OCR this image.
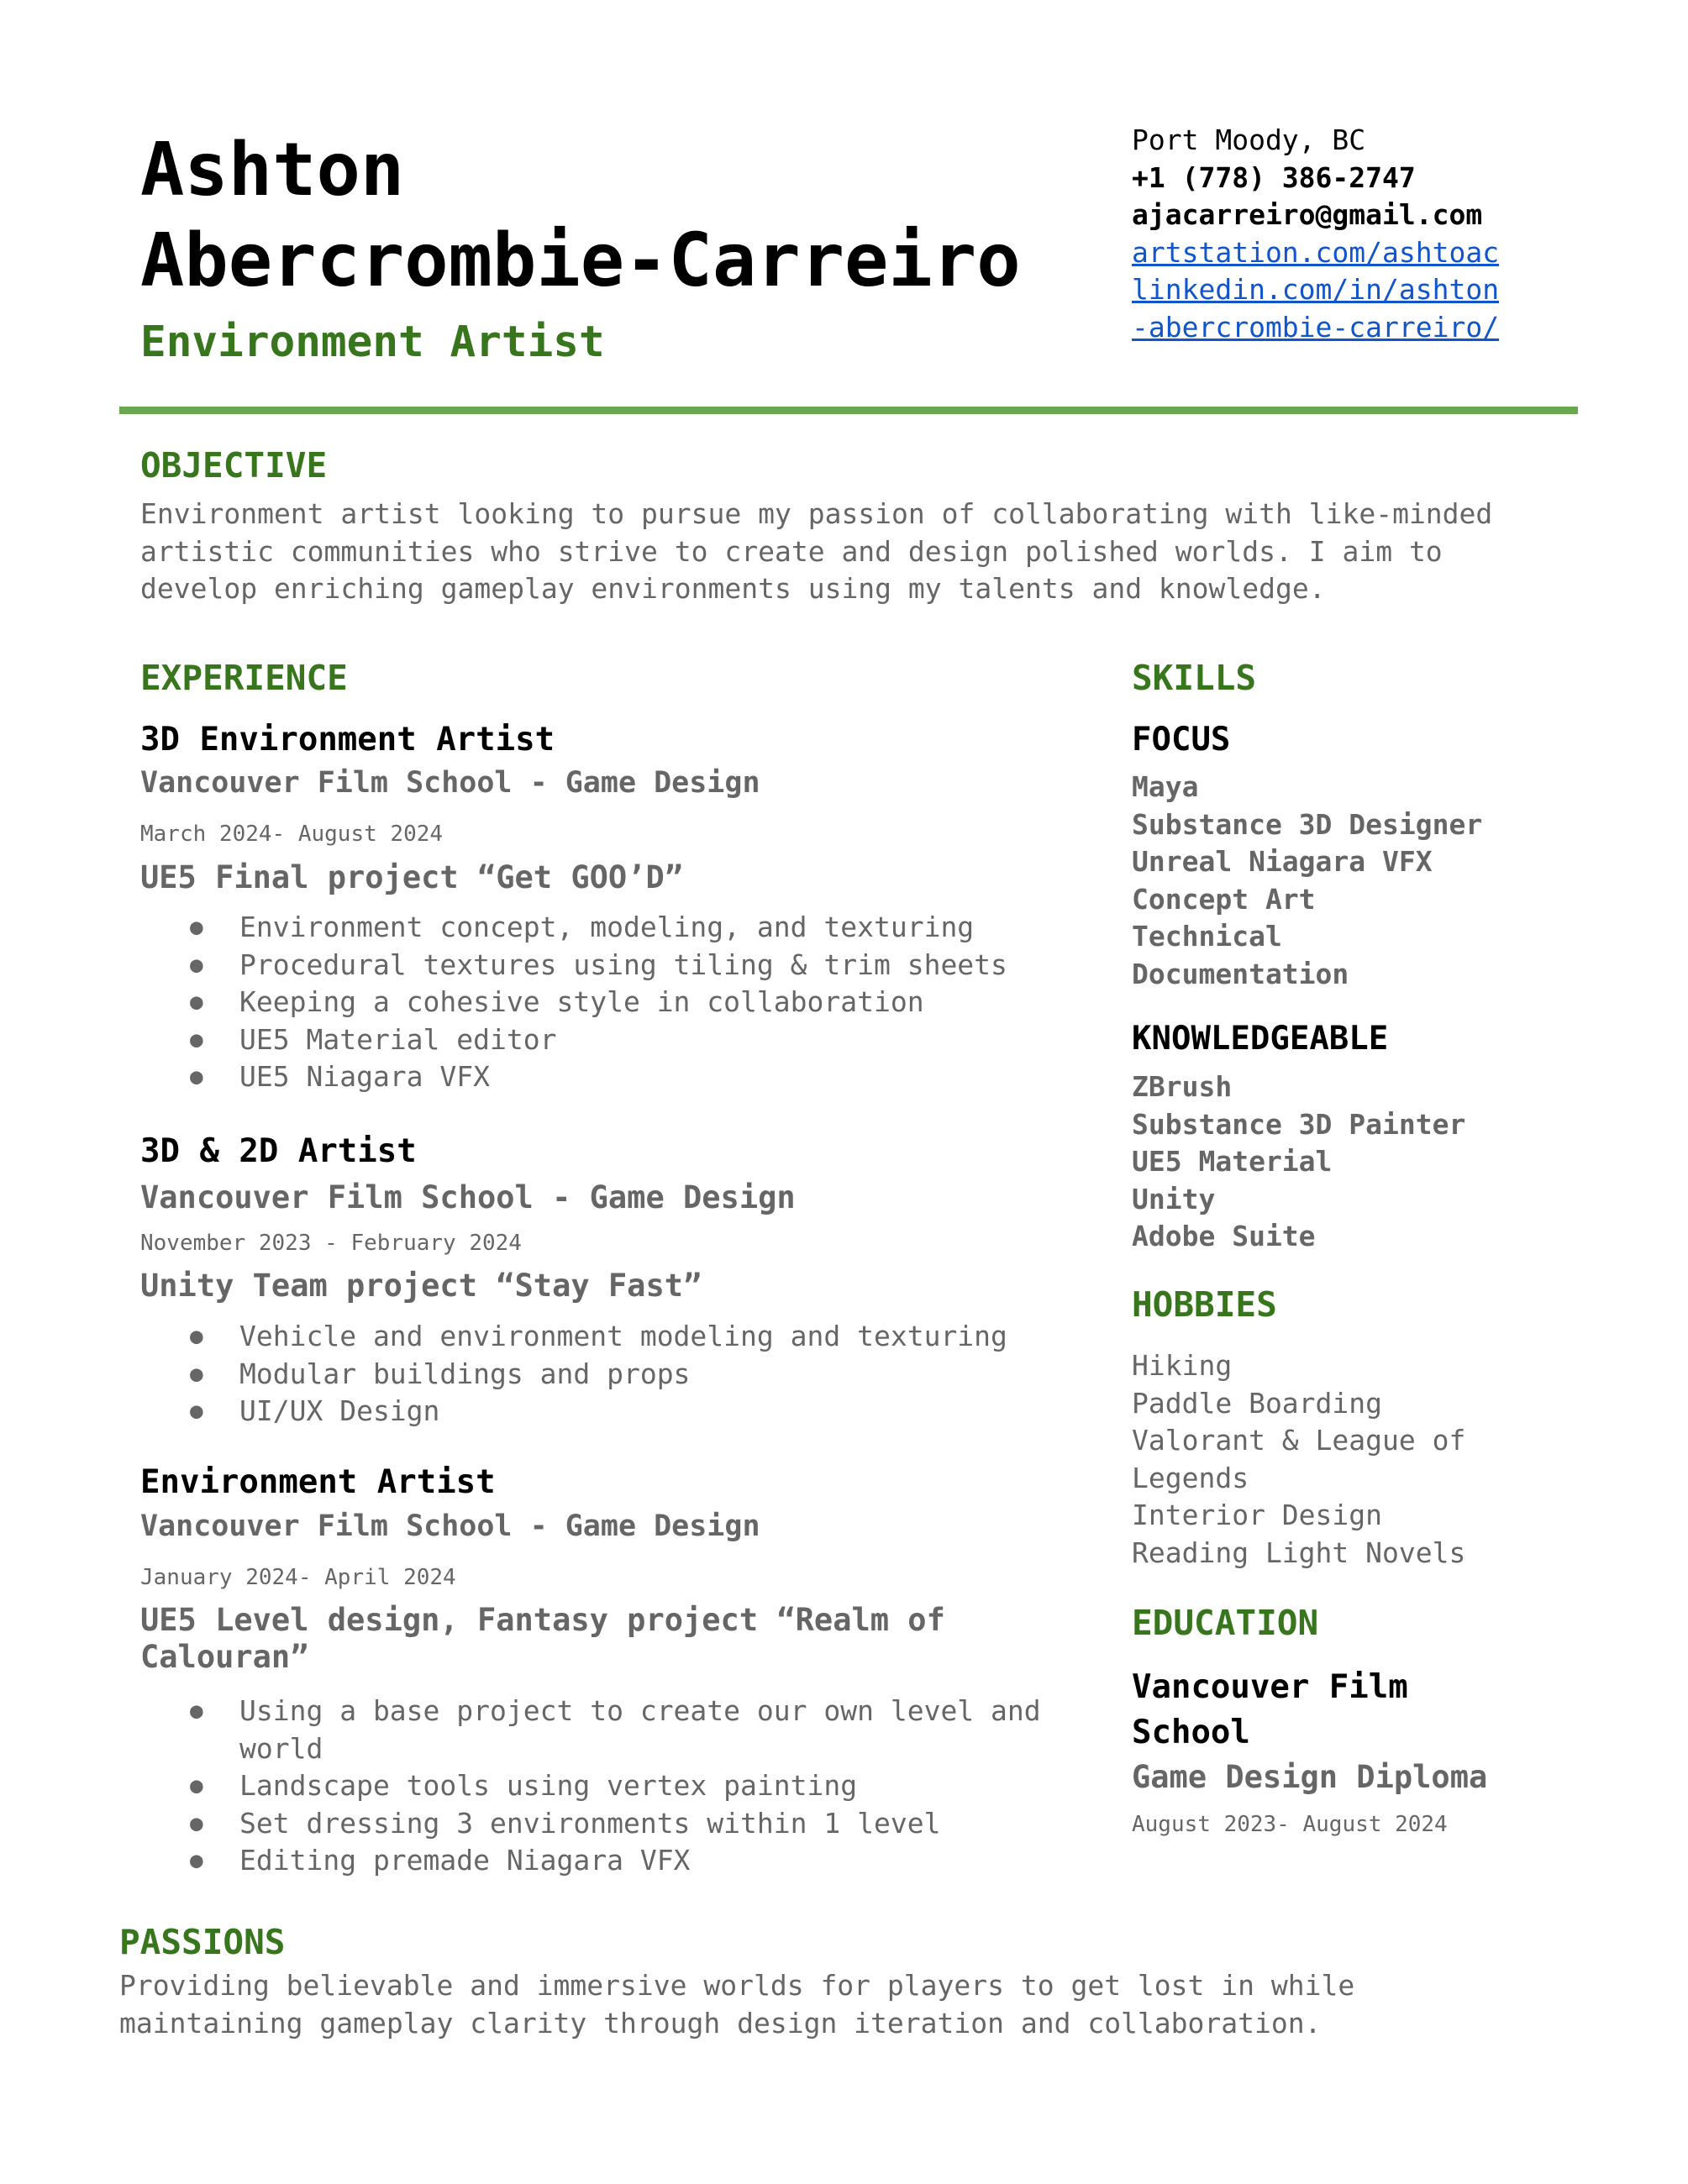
Ashton
Abercrombie-Carreiro
Environment Artist
Port Moody, BC
+1 (778) 386-2747
ajacarreiro@gmail.com
artstation.com/ashtoac
linkedin.com/in/ashton
-abercrombie-carreiro/
OBJECTIVE
Environment artist looking to pursue my passion of collaborating with like-minded
artistic communities who strive to create and design polished worlds. I aim to
develop enriching gameplay environments using my talents and knowledge.
EXPERIENCE
3D Environment Artist
Vancouver Film School - Game Design
March 2024- August 2024
UE5 Final project “Get GOO’D”
● Environment concept, modeling, and texturing
● Procedural textures using tiling & trim sheets
● Keeping a cohesive style in collaboration
● UE5 Material editor
● UE5 Niagara VFX
3D & 2D Artist
Vancouver Film School - Game Design
November 2023 - February 2024
Unity Team project “Stay Fast”
● Vehicle and environment modeling and texturing
● Modular buildings and props
● UI/UX Design
Environment Artist
Vancouver Film School - Game Design
January 2024- April 2024
UE5 Level design, Fantasy project “Realm of
Calouran”
● Using a base project to create our own level and world
● Landscape tools using vertex painting
● Set dressing 3 environments within 1 level
● Editing premade Niagara VFX
SKILLS
FOCUS
Maya
Substance 3D Designer
Unreal Niagara VFX
Concept Art
Technical
Documentation
KNOWLEDGEABLE
ZBrush
Substance 3D Painter
UE5 Material
Unity
Adobe Suite
HOBBIES
Hiking
Paddle Boarding
Valorant & League of
Legends
Interior Design
Reading Light Novels
EDUCATION
Vancouver Film
School
Game Design Diploma
August 2023- August 2024
PASSIONS
Providing believable and immersive worlds for players to get lost in while
maintaining gameplay clarity through design iteration and collaboration.
